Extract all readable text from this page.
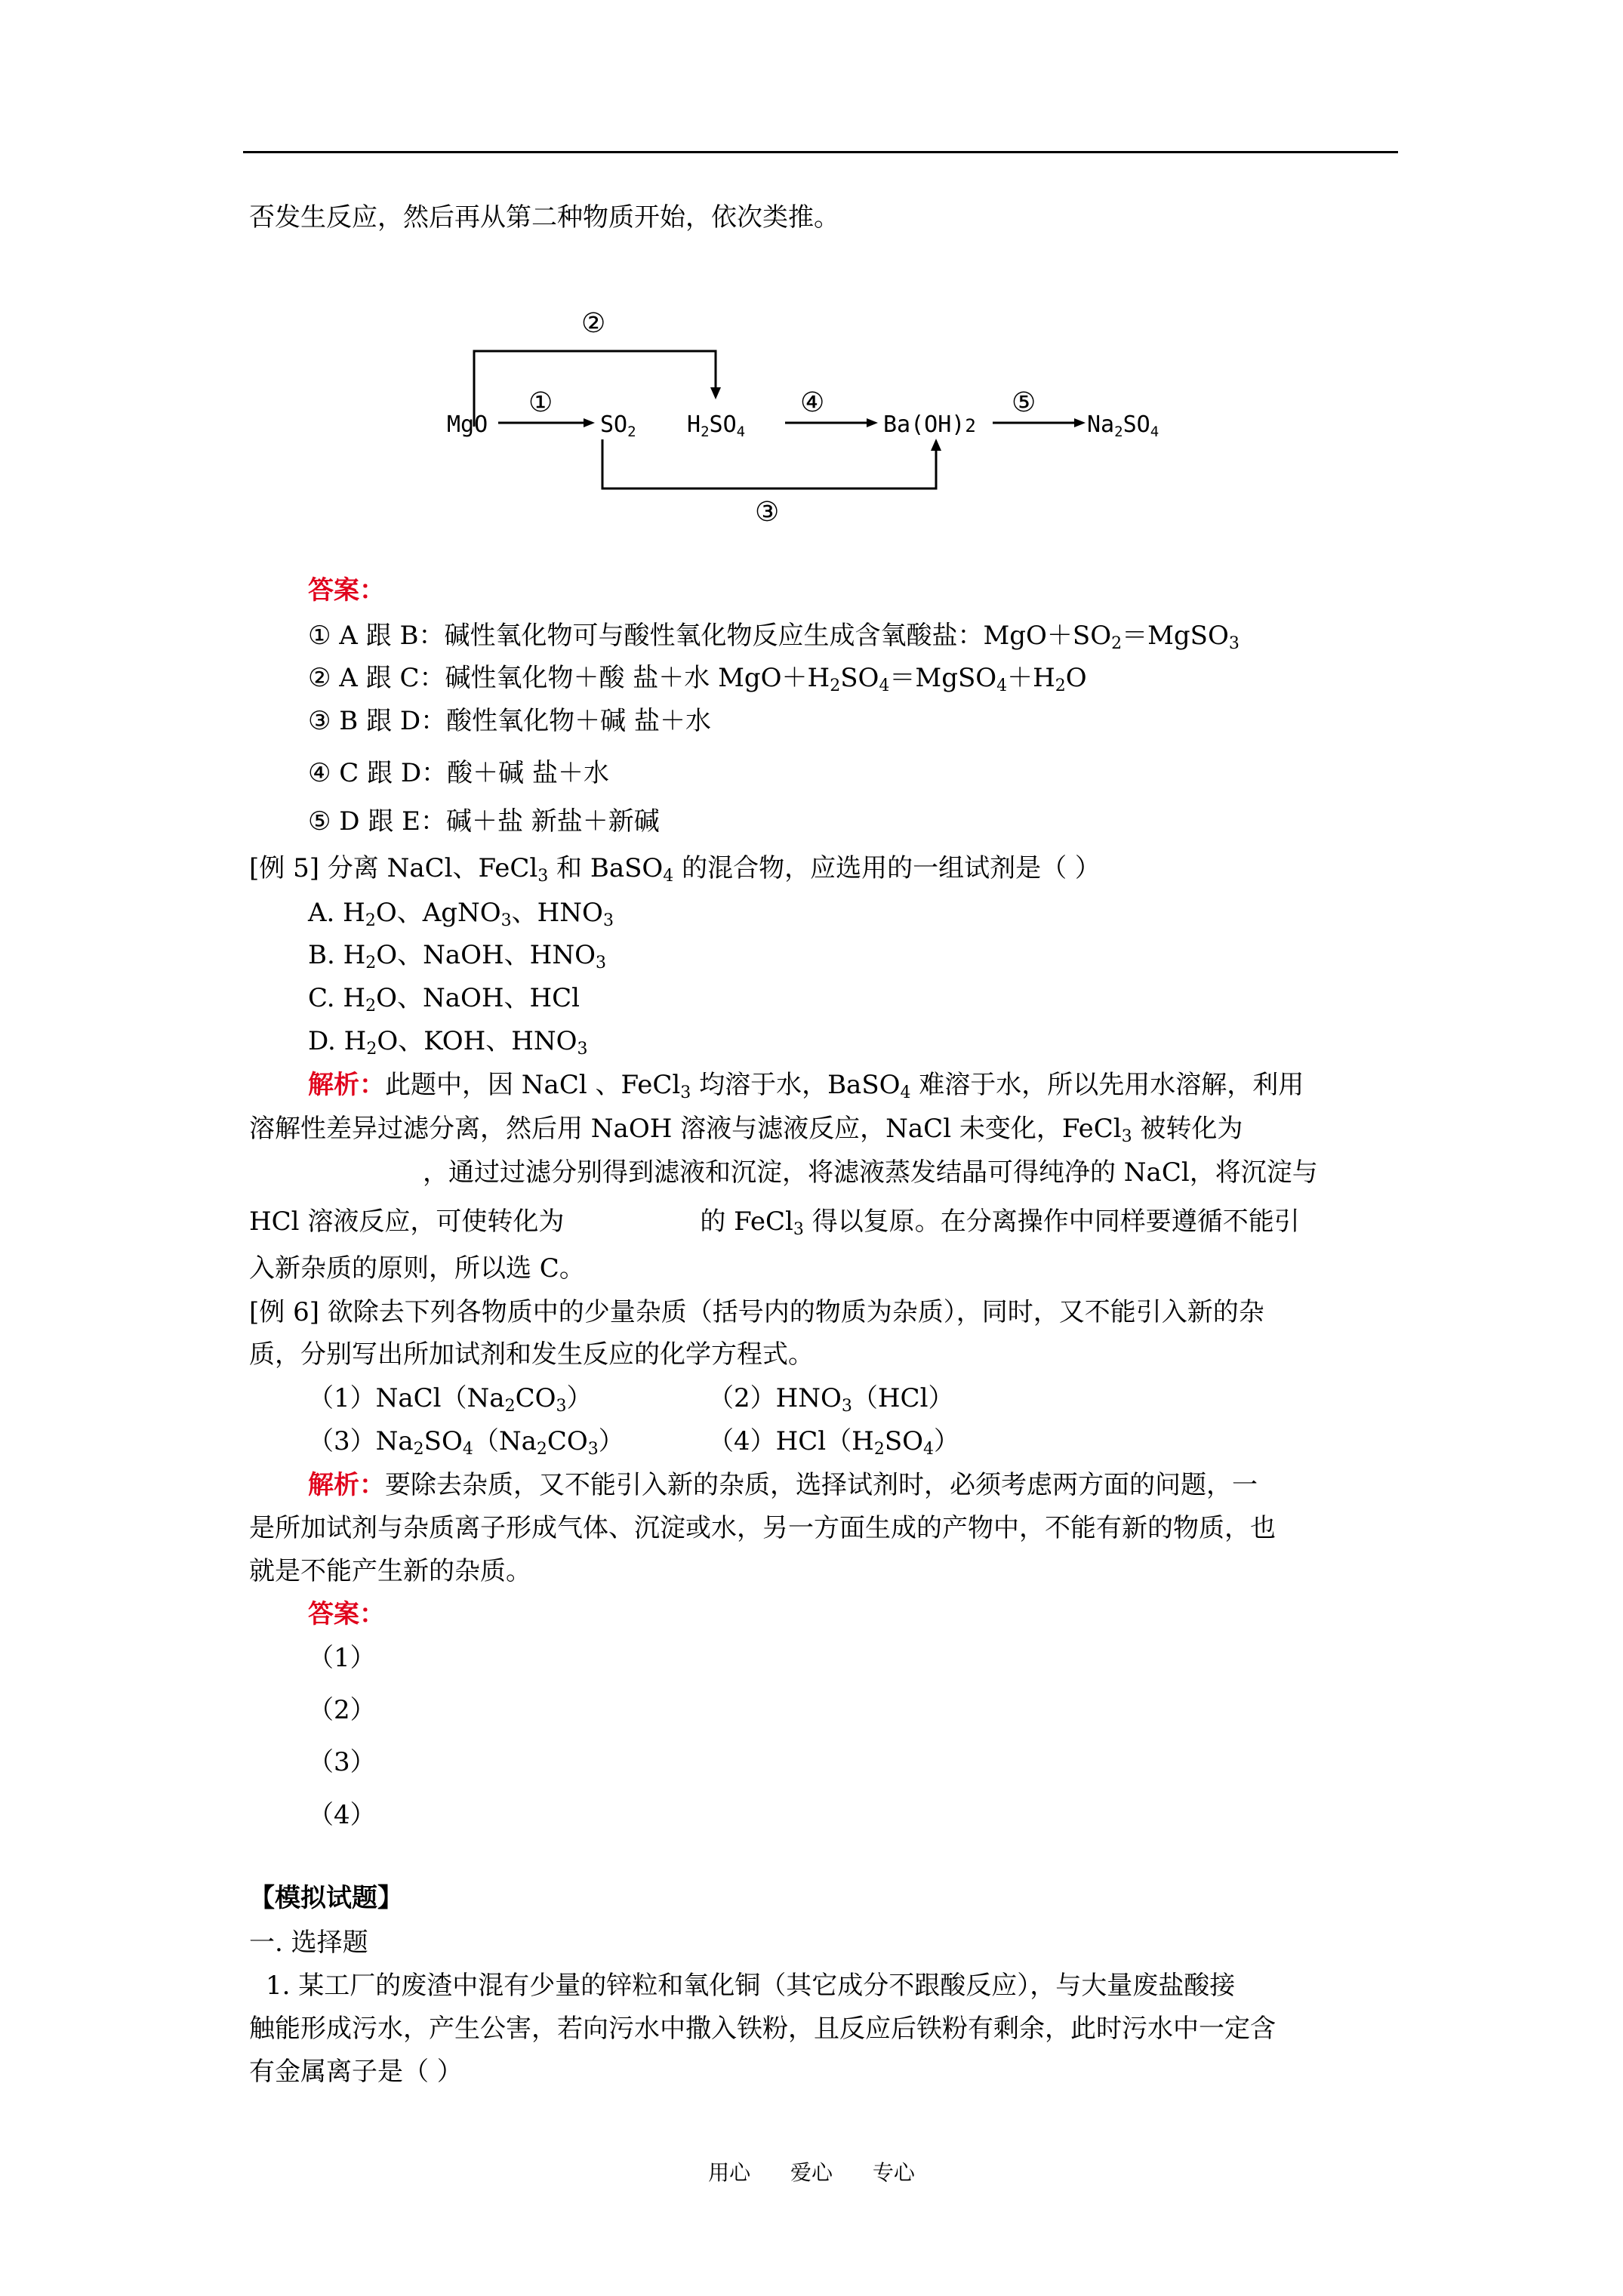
否发生反应，然后再从第二种物质开始，依次类推。
②
MgO	$SO_2$ $H_2SO_4$	Ba(OH)2	$Na_2SO_4$
①	④	⑤
③
答案：
① A 跟 B：碱性氧化物可与酸性氧化物反应生成含氧酸盐：$MgO+SO_2=MgSO_3$
② A 跟 C：碱性氧化物＋酸 盐＋水 $MgO+H_2SO_4=MgSO_4+H_2O$
③ B 跟 D：酸性氧化物＋碱 盐＋水
④ C 跟 D：酸＋碱 盐＋水
⑤ D 跟 E：碱＋盐 新盐＋新碱
[例 5] 分离 NaCl、FeCl$_3$ 和 BaSO$_4$ 的混合物，应选用的一组试剂是（ ）
A. $H_2O$、AgNO$_3$、$HNO_3$
B. $H_2O$、NaOH、$HNO_3$
C. $H_2O$、NaOH、HCl
D. $H_2O$、KOH、$HNO_3$
解析：此题中，因 NaCl 、FeCl$_3$ 均溶于水，BaSO$_4$ 难溶于水，所以先用水溶解，利用
溶解性差异过滤分离，然后用 NaOH 溶液与滤液反应，NaCl 未变化，FeCl$_3$ 被转化为
，通过过滤分别得到滤液和沉淀，将滤液蒸发结晶可得纯净的 NaCl，将沉淀与
HCl 溶液反应，可使转化为	的 FeCl$_3$ 得以复原。在分离操作中同样要遵循不能引
入新杂质的原则，所以选 C。
[例 6] 欲除去下列各物质中的少量杂质（括号内的物质为杂质），同时，又不能引入新的杂
质，分别写出所加试剂和发生反应的化学方程式。
$(1)NaCl(Na_2CO_3)$	$(2)HNO_3(HCl)$
$(3)Na_2SO_4(Na_2CO_3)$	$(4)HCl(H_2SO_4)$
解析：要除去杂质，又不能引入新的杂质，选择试剂时，必须考虑两方面的问题，一
是所加试剂与杂质离子形成气体、沉淀或水，另一方面生成的产物中，不能有新的物质，也
就是不能产生新的杂质。
答案：
（1）
（2）
（3）
（4）
【模拟试题】
一. 选择题
1. 某工厂的废渣中混有少量的锌粒和氧化铜（其它成分不跟酸反应），与大量废盐酸接
触能形成污水，产生公害，若向污水中撒入铁粉，且反应后铁粉有剩余，此时污水中一定含
有金属离子是（ ）
用心 爱心 专心
